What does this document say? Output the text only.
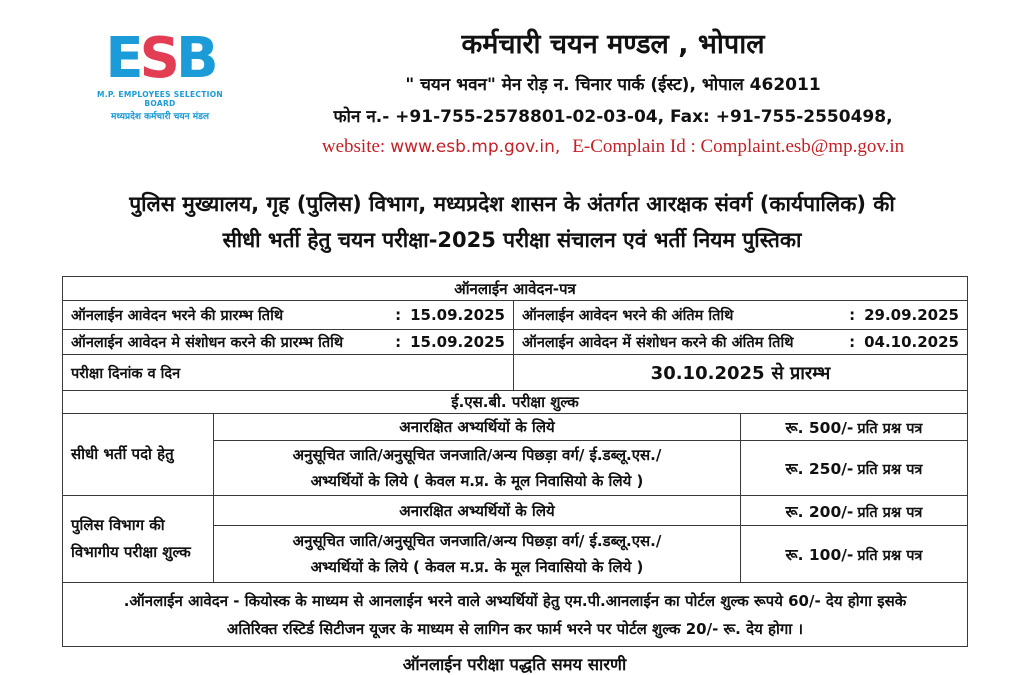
ESB
M.P. EMPLOYEES SELECTION BOARD
मध्यप्रदेश कर्मचारी चयन मंडल
कर्मचारी चयन मण्डल , भोपाल
" चयन भवन" मेन रोड़ न. चिनार पार्क (ईस्ट), भोपाल 462011
फोन न.- +91-755-2578801-02-03-04, Fax: +91-755-2550498,
website: www.esb.mp.gov.in, E-Complain Id : Complaint.esb@mp.gov.in
पुलिस मुख्यालय, गृह (पुलिस) विभाग, मध्यप्रदेश शासन के अंतर्गत आरक्षक संवर्ग (कार्यपालिक) की
सीधी भर्ती हेतु चयन परीक्षा-2025 परीक्षा संचालन एवं भर्ती नियम पुस्तिका
ऑनलाईन आवेदन-पत्र			

ऑनलाईन आवेदन भरने की प्रारम्भ तिथि : 15.09.2025		ऑनलाईन आवेदन भरने की अंतिम तिथि : 29.09.2025	

ऑनलाईन आवेदन मे संशोधन करने की प्रारम्भ तिथि : 15.09.2025		ऑनलाईन आवेदन में संशोधन करने की अंतिम तिथि : 04.10.2025	

परीक्षा दिनांक व दिन		30.10.2025 से प्रारम्भ	
ई.एस.बी. परीक्षा शुल्क			
सीधी भर्ती पदो हेतु	अनारक्षित अभ्यर्थियों के लिये		रू. 500/- प्रति प्रश्न पत्र

	अनुसूचित जाति/अनुसूचित जनजाति/अन्य पिछड़ा वर्ग/ ई.डब्लू.एस./
अभ्यर्थियों के लिये ( केवल म.प्र. के मूल निवासियो के लिये )		रू. 250/- प्रति प्रश्न पत्र
पुलिस विभाग की विभागीय परीक्षा शुल्क	अनारक्षित अभ्यर्थियों के लिये		रू. 200/- प्रति प्रश्न पत्र

	अनुसूचित जाति/अनुसूचित जनजाति/अन्य पिछड़ा वर्ग/ ई.डब्लू.एस./
अभ्यर्थियों के लिये ( केवल म.प्र. के मूल निवासियो के लिये )		रू. 100/- प्रति प्रश्न पत्र

.ऑनलाईन आवेदन - कियोस्क के माध्यम से आनलाईन भरने वाले अभ्यर्थियों हेतु एम.पी.आनलाईन का पोर्टल शुल्क रूपये 60/- देय होगा इसके
अतिरिक्त रस्टिर्ड सिटीजन यूजर के माध्यम से लागिन कर फार्म भरने पर पोर्टल शुल्क 20/- रू. देय होगा ।			
ऑनलाईन परीक्षा पद्धति समय सारणी
